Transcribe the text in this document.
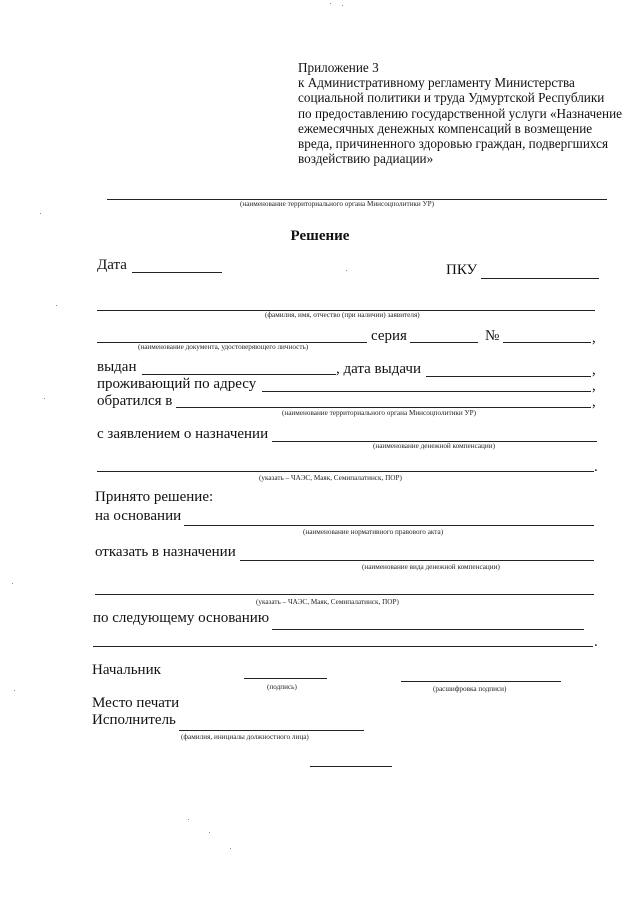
Приложение 3
к Административному регламенту Министерства
социальной политики и труда Удмуртской Республики
по предоставлению государственной услуги «Назначение
ежемесячных денежных компенсаций в возмещение
вреда, причиненного здоровью граждан, подвергшихся
воздействию радиации»
(наименование территориального органа Минсоцполитики УР)
Решение
Дата	ПКУ
(фамилия, имя, отчество (при наличии) заявителя)
(наименование документа, удостоверяющего личность)
серия	№	,
выдан	, дата выдачи	,
проживающий по адресу	,
обратился в	,
(наименование территориального органа Минсоцполитики УР)
с заявлением о назначении
(наименование денежной компенсации)
.
(указать – ЧАЭС, Маяк, Семипалатинск, ПОР)
Принято решение:
на основании
(наименование нормативного правового акта)
отказать в назначении
(наименование вида денежной компенсации)
(указать – ЧАЭС, Маяк, Семипалатинск, ПОР)
по следующему основанию
.
Начальник
(подпись)	(расшифровка подписи)
Место печати
Исполнитель
(фамилия, инициалы должностного лица)
